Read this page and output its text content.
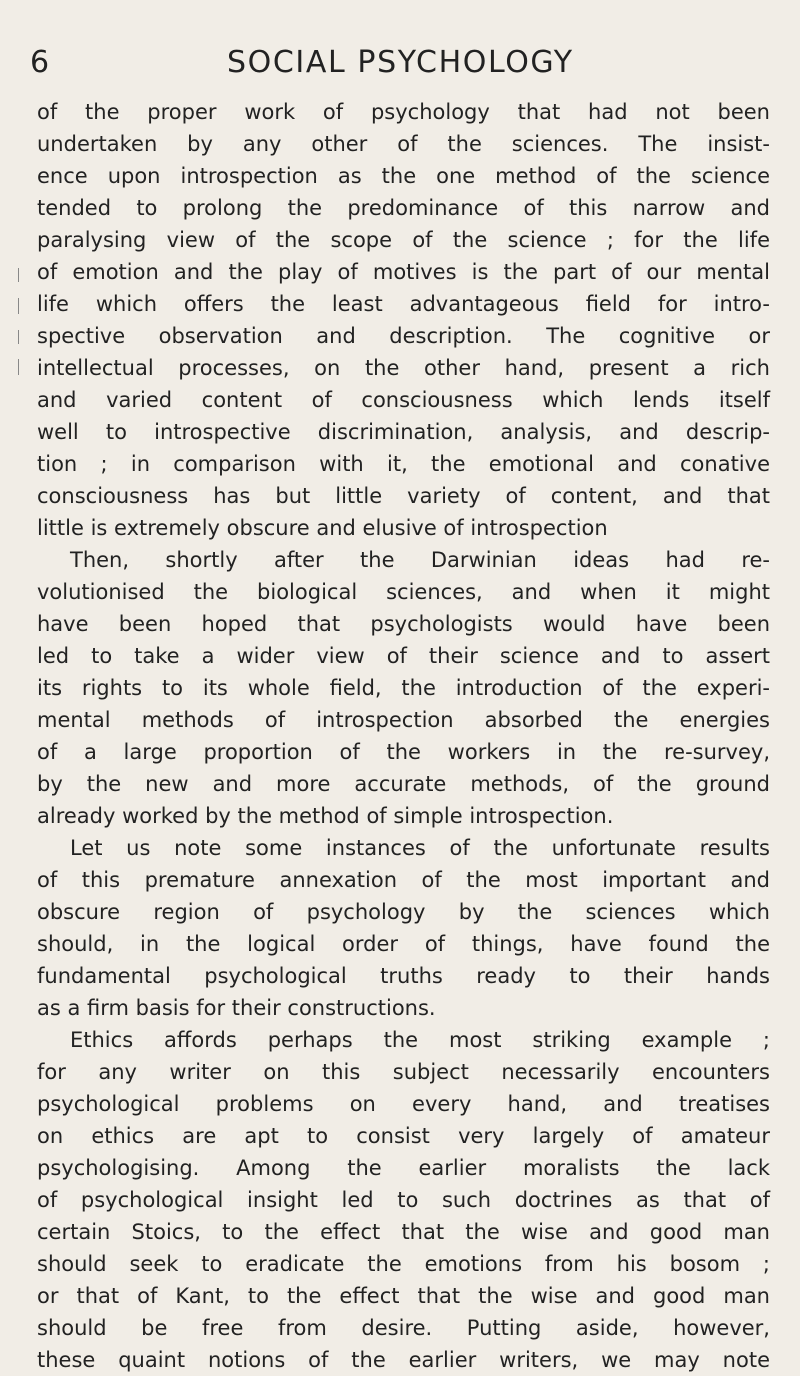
6	SOCIAL PSYCHOLOGY
of the proper work of psychology that had not been
undertaken by any other of the sciences. The insist-
ence upon introspection as the one method of the science
tended to prolong the predominance of this narrow and
paralysing view of the scope of the science ; for the life
of emotion and the play of motives is the part of our mental
life which offers the least advantageous field for intro-
spective observation and description. The cognitive or
intellectual processes, on the other hand, present a rich
and varied content of consciousness which lends itself
well to introspective discrimination, analysis, and descrip-
tion ; in comparison with it, the emotional and conative
consciousness has but little variety of content, and that
little is extremely obscure and elusive of introspection
Then, shortly after the Darwinian ideas had re-
volutionised the biological sciences, and when it might
have been hoped that psychologists would have been
led to take a wider view of their science and to assert
its rights to its whole field, the introduction of the experi-
mental methods of introspection absorbed the energies
of a large proportion of the workers in the re-survey,
by the new and more accurate methods, of the ground
already worked by the method of simple introspection.
Let us note some instances of the unfortunate results
of this premature annexation of the most important and
obscure region of psychology by the sciences which
should, in the logical order of things, have found the
fundamental psychological truths ready to their hands
as a firm basis for their constructions.
Ethics affords perhaps the most striking example ;
for any writer on this subject necessarily encounters
psychological problems on every hand, and treatises
on ethics are apt to consist very largely of amateur
psychologising. Among the earlier moralists the lack
of psychological insight led to such doctrines as that of
certain Stoics, to the effect that the wise and good man
should seek to eradicate the emotions from his bosom ;
or that of Kant, to the effect that the wise and good man
should be free from desire. Putting aside, however,
these quaint notions of the earlier writers, we may note
